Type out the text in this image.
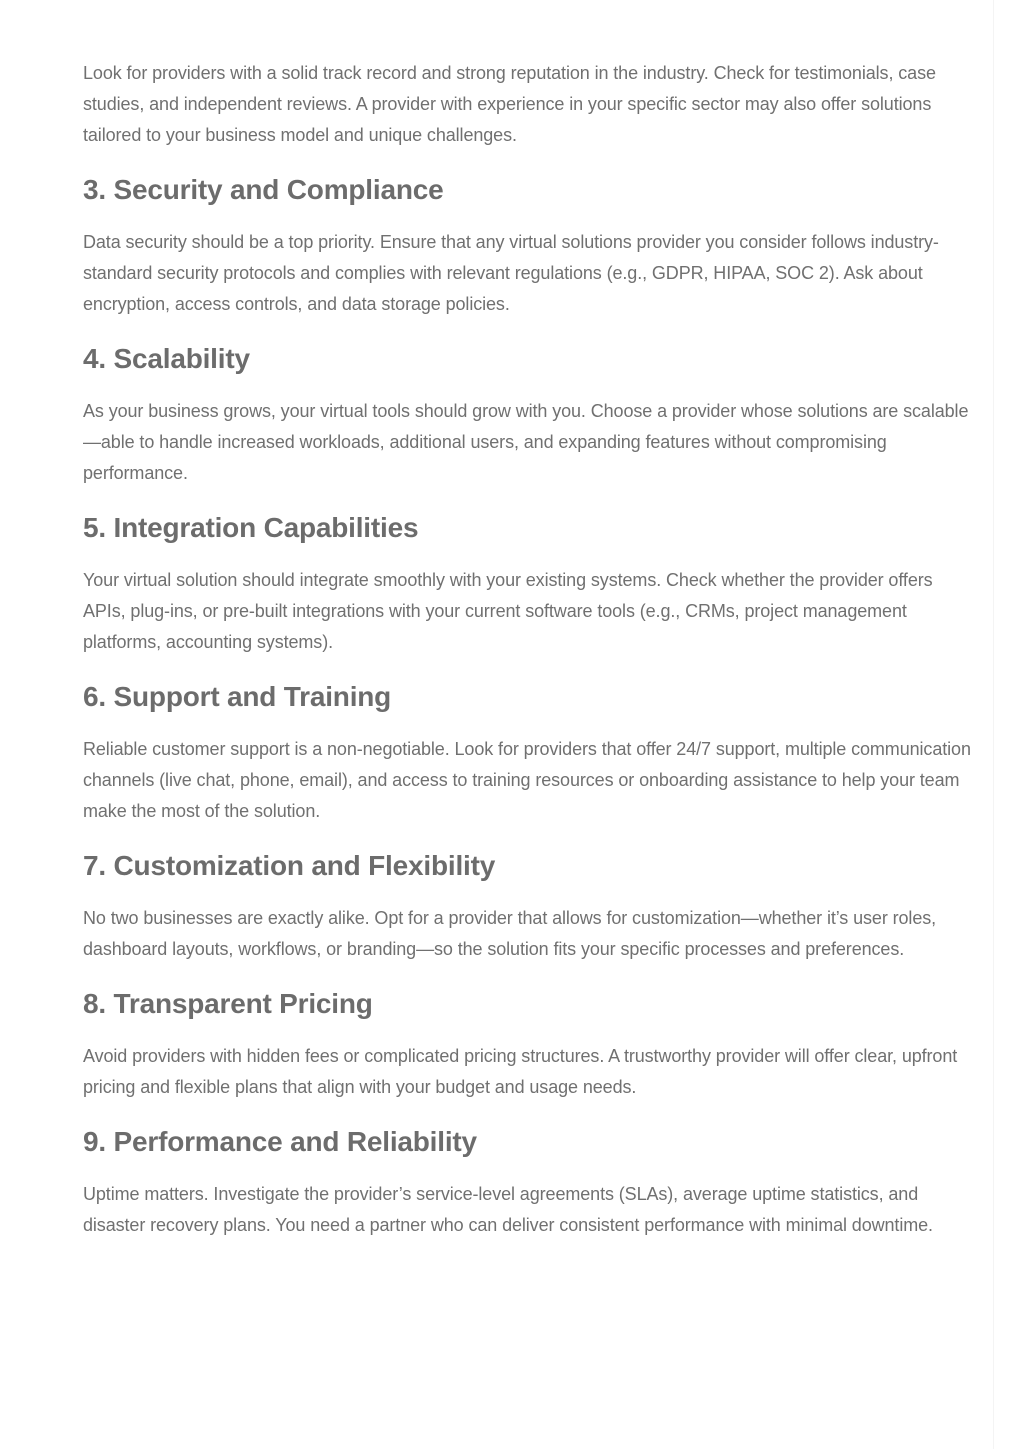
Look for providers with a solid track record and strong reputation in the industry. Check for testimonials, case studies, and independent reviews. A provider with experience in your specific sector may also offer solutions tailored to your business model and unique challenges.

3. Security and Compliance

Data security should be a top priority. Ensure that any virtual solutions provider you consider follows industry-standard security protocols and complies with relevant regulations (e.g., GDPR, HIPAA, SOC 2). Ask about encryption, access controls, and data storage policies.

4. Scalability

As your business grows, your virtual tools should grow with you. Choose a provider whose solutions are scalable—able to handle increased workloads, additional users, and expanding features without compromising performance.

5. Integration Capabilities

Your virtual solution should integrate smoothly with your existing systems. Check whether the provider offers APIs, plug-ins, or pre-built integrations with your current software tools (e.g., CRMs, project management platforms, accounting systems).

6. Support and Training

Reliable customer support is a non-negotiable. Look for providers that offer 24/7 support, multiple communication channels (live chat, phone, email), and access to training resources or onboarding assistance to help your team make the most of the solution.

7. Customization and Flexibility

No two businesses are exactly alike. Opt for a provider that allows for customization—whether it’s user roles, dashboard layouts, workflows, or branding—so the solution fits your specific processes and preferences.

8. Transparent Pricing

Avoid providers with hidden fees or complicated pricing structures. A trustworthy provider will offer clear, upfront pricing and flexible plans that align with your budget and usage needs.

9. Performance and Reliability

Uptime matters. Investigate the provider’s service-level agreements (SLAs), average uptime statistics, and disaster recovery plans. You need a partner who can deliver consistent performance with minimal downtime.
